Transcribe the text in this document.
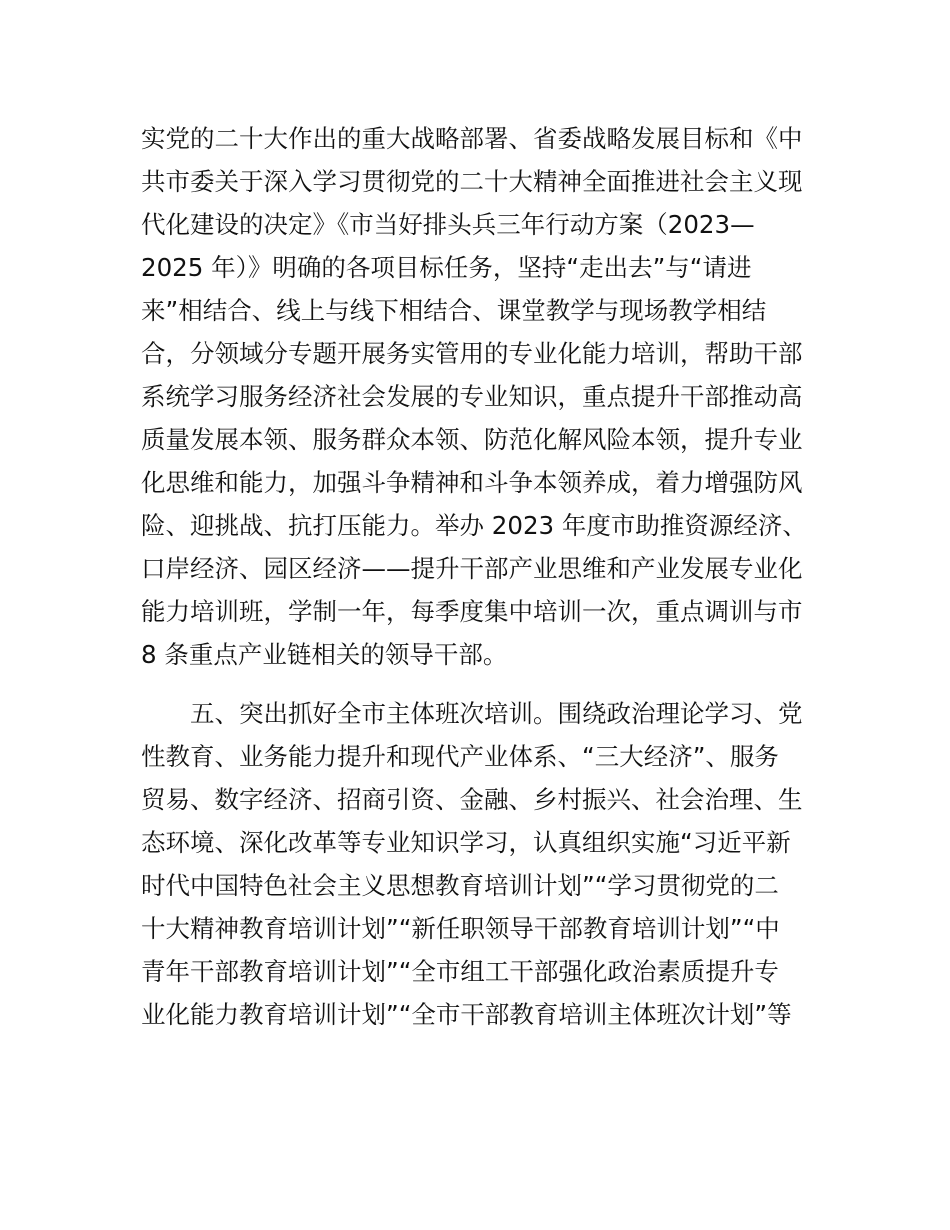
实党的二十大作出的重大战略部署、省委战略发展目标和《中
共市委关于深入学习贯彻党的二十大精神全面推进社会主义现
代化建设的决定》《市当好排头兵三年行动方案（2023—
2025 年）》明确的各项目标任务，坚持“走出去”与“请进
来”相结合、线上与线下相结合、课堂教学与现场教学相结
合，分领域分专题开展务实管用的专业化能力培训，帮助干部
系统学习服务经济社会发展的专业知识，重点提升干部推动高
质量发展本领、服务群众本领、防范化解风险本领，提升专业
化思维和能力，加强斗争精神和斗争本领养成，着力增强防风
险、迎挑战、抗打压能力。举办 2023 年度市助推资源经济、
口岸经济、园区经济——提升干部产业思维和产业发展专业化
能力培训班，学制一年，每季度集中培训一次，重点调训与市
8 条重点产业链相关的领导干部。
　　五、突出抓好全市主体班次培训。围绕政治理论学习、党
性教育、业务能力提升和现代产业体系、“三大经济”、服务
贸易、数字经济、招商引资、金融、乡村振兴、社会治理、生
态环境、深化改革等专业知识学习，认真组织实施“习近平新
时代中国特色社会主义思想教育培训计划”“学习贯彻党的二
十大精神教育培训计划”“新任职领导干部教育培训计划”“中
青年干部教育培训计划”“全市组工干部强化政治素质提升专
业化能力教育培训计划”“全市干部教育培训主体班次计划”等
